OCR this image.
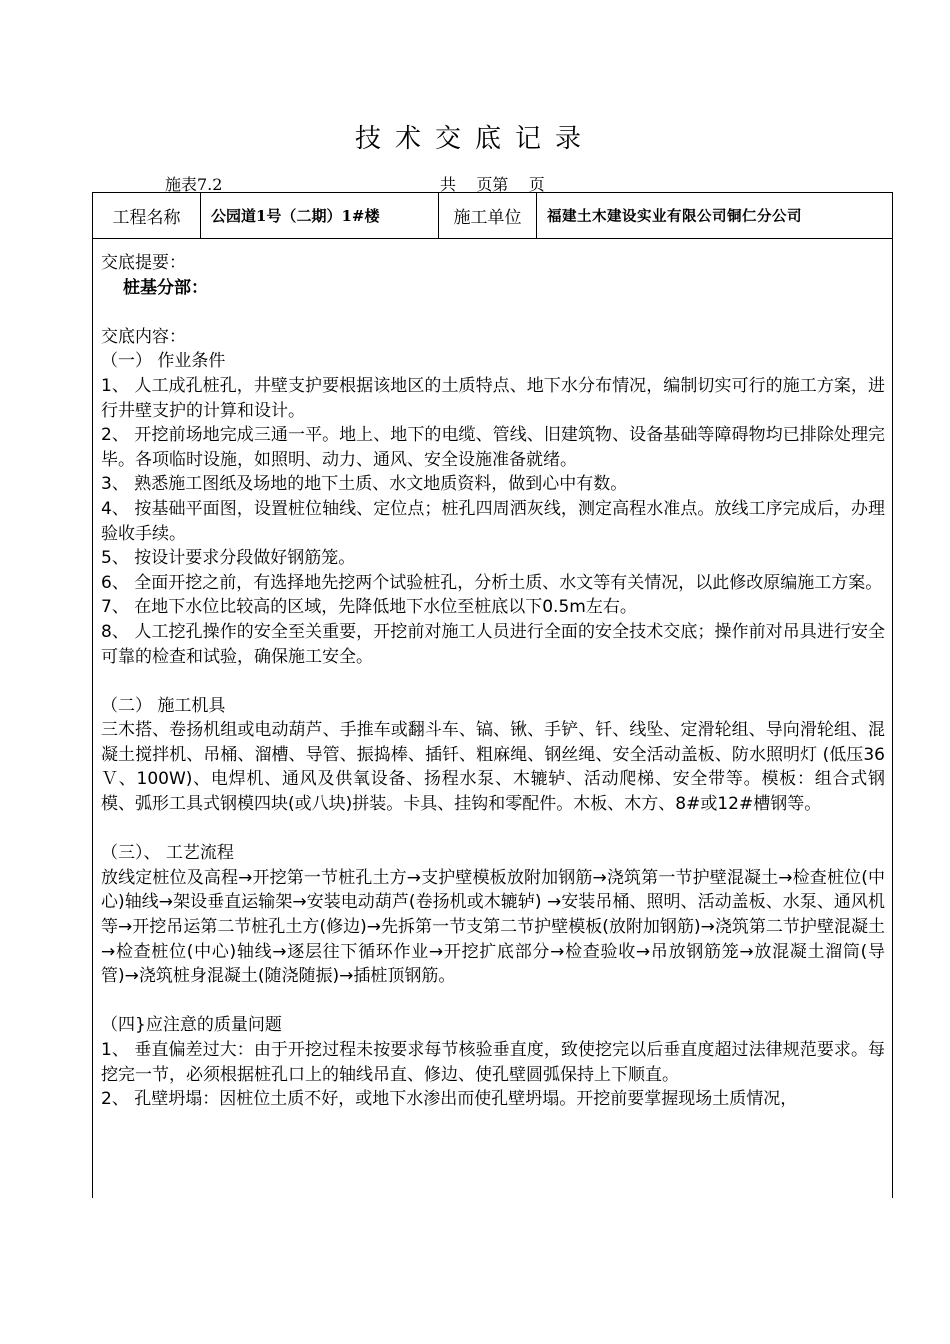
技术交底记录
施表7.2	共    页第    页
工程名称	公园道1号（二期）1#楼	施工单位	福建土木建设实业有限公司铜仁分公司

交底提要：

桩基分部：

交底内容：

（一） 作业条件

1、 人工成孔桩孔，井壁支护要根据该地区的土质特点、地下水分布情况，编制切实可行的施工方案，进行井壁支护的计算和设计。

2、 开挖前场地完成三通一平。地上、地下的电缆、管线、旧建筑物、设备基础等障碍物均已排除处理完毕。各项临时设施，如照明、动力、通风、安全设施准备就绪。

3、 熟悉施工图纸及场地的地下土质、水文地质资料，做到心中有数。

4、 按基础平面图，设置桩位轴线、定位点；桩孔四周洒灰线，测定高程水准点。放线工序完成后，办理验收手续。

5、 按设计要求分段做好钢筋笼。

6、 全面开挖之前，有选择地先挖两个试验桩孔，分析土质、水文等有关情况，以此修改原编施工方案。

7、 在地下水位比较高的区域，先降低地下水位至桩底以下0.5m左右。

8、 人工挖孔操作的安全至关重要，开挖前对施工人员进行全面的安全技术交底；操作前对吊具进行安全可靠的检查和试验，确保施工安全。

（二） 施工机具

三木搭、卷扬机组或电动葫芦、手推车或翻斗车、镐、锹、手铲、钎、线坠、定滑轮组、导向滑轮组、混凝土搅拌机、吊桶、溜槽、导管、振捣棒、插钎、粗麻绳、钢丝绳、安全活动盖板、防水照明灯 (低压36Ｖ、100W)、电焊机、通风及供氧设备、扬程水泵、木辘轳、活动爬梯、安全带等。模板：组合式钢模、弧形工具式钢模四块(或八块)拼装。卡具、挂钩和零配件。木板、木方、8#或12#槽钢等。

（三）、 工艺流程

放线定桩位及高程→开挖第一节桩孔土方→支护壁模板放附加钢筋→浇筑第一节护壁混凝土→检查桩位(中心)轴线→架设垂直运输架→安装电动葫芦(卷扬机或木辘轳) →安装吊桶、照明、活动盖板、水泵、通风机等→开挖吊运第二节桩孔土方(修边)→先拆第一节支第二节护壁模板(放附加钢筋)→浇筑第二节护壁混凝土→检查桩位(中心)轴线→逐层往下循环作业→开挖扩底部分→检查验收→吊放钢筋笼→放混凝土溜筒(导管)→浇筑桩身混凝土(随浇随振)→插桩顶钢筋。

（四}应注意的质量问题

1、 垂直偏差过大：由于开挖过程未按要求每节核验垂直度，致使挖完以后垂直度超过法律规范要求。每挖完一节，必须根据桩孔口上的轴线吊直、修边、使孔壁圆弧保持上下顺直。

2、 孔壁坍塌：因桩位土质不好，或地下水渗出而使孔壁坍塌。开挖前要掌握现场土质情况，
